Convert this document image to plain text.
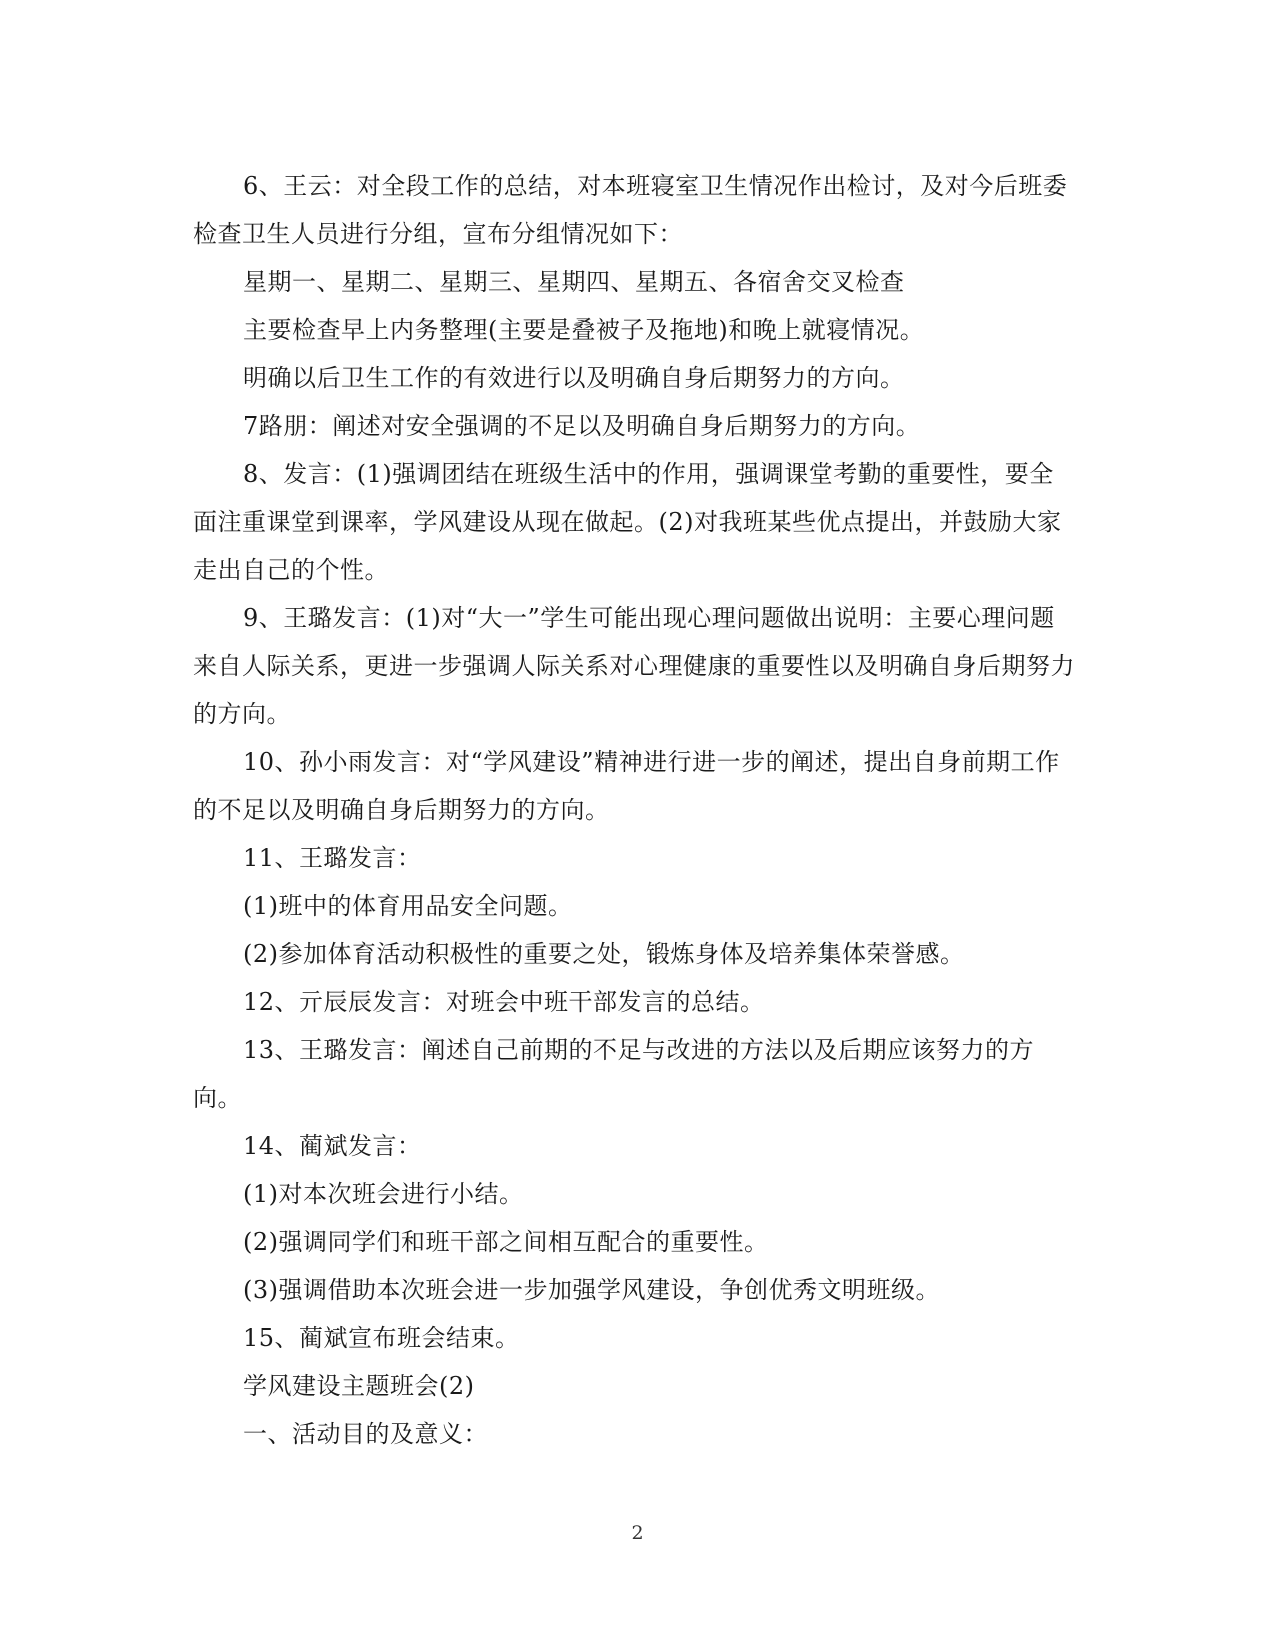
6、王云：对全段工作的总结，对本班寝室卫生情况作出检讨，及对今后班委检查卫生人员进行分组，宣布分组情况如下：

星期一、星期二、星期三、星期四、星期五、各宿舍交叉检查

主要检查早上内务整理(主要是叠被子及拖地)和晚上就寝情况。

明确以后卫生工作的有效进行以及明确自身后期努力的方向。

7路朋：阐述对安全强调的不足以及明确自身后期努力的方向。

8、发言：(1)强调团结在班级生活中的作用，强调课堂考勤的重要性，要全面注重课堂到课率，学风建设从现在做起。(2)对我班某些优点提出，并鼓励大家走出自己的个性。

9、王璐发言：(1)对“大一”学生可能出现心理问题做出说明：主要心理问题来自人际关系，更进一步强调人际关系对心理健康的重要性以及明确自身后期努力的方向。

10、孙小雨发言：对“学风建设”精神进行进一步的阐述，提出自身前期工作的不足以及明确自身后期努力的方向。

11、王璐发言：

(1)班中的体育用品安全问题。

(2)参加体育活动积极性的重要之处，锻炼身体及培养集体荣誉感。

12、亓辰辰发言：对班会中班干部发言的总结。

13、王璐发言：阐述自己前期的不足与改进的方法以及后期应该努力的方向。

14、蔺斌发言：

(1)对本次班会进行小结。

(2)强调同学们和班干部之间相互配合的重要性。

(3)强调借助本次班会进一步加强学风建设，争创优秀文明班级。

15、蔺斌宣布班会结束。

学风建设主题班会(2)

一、活动目的及意义：

2
